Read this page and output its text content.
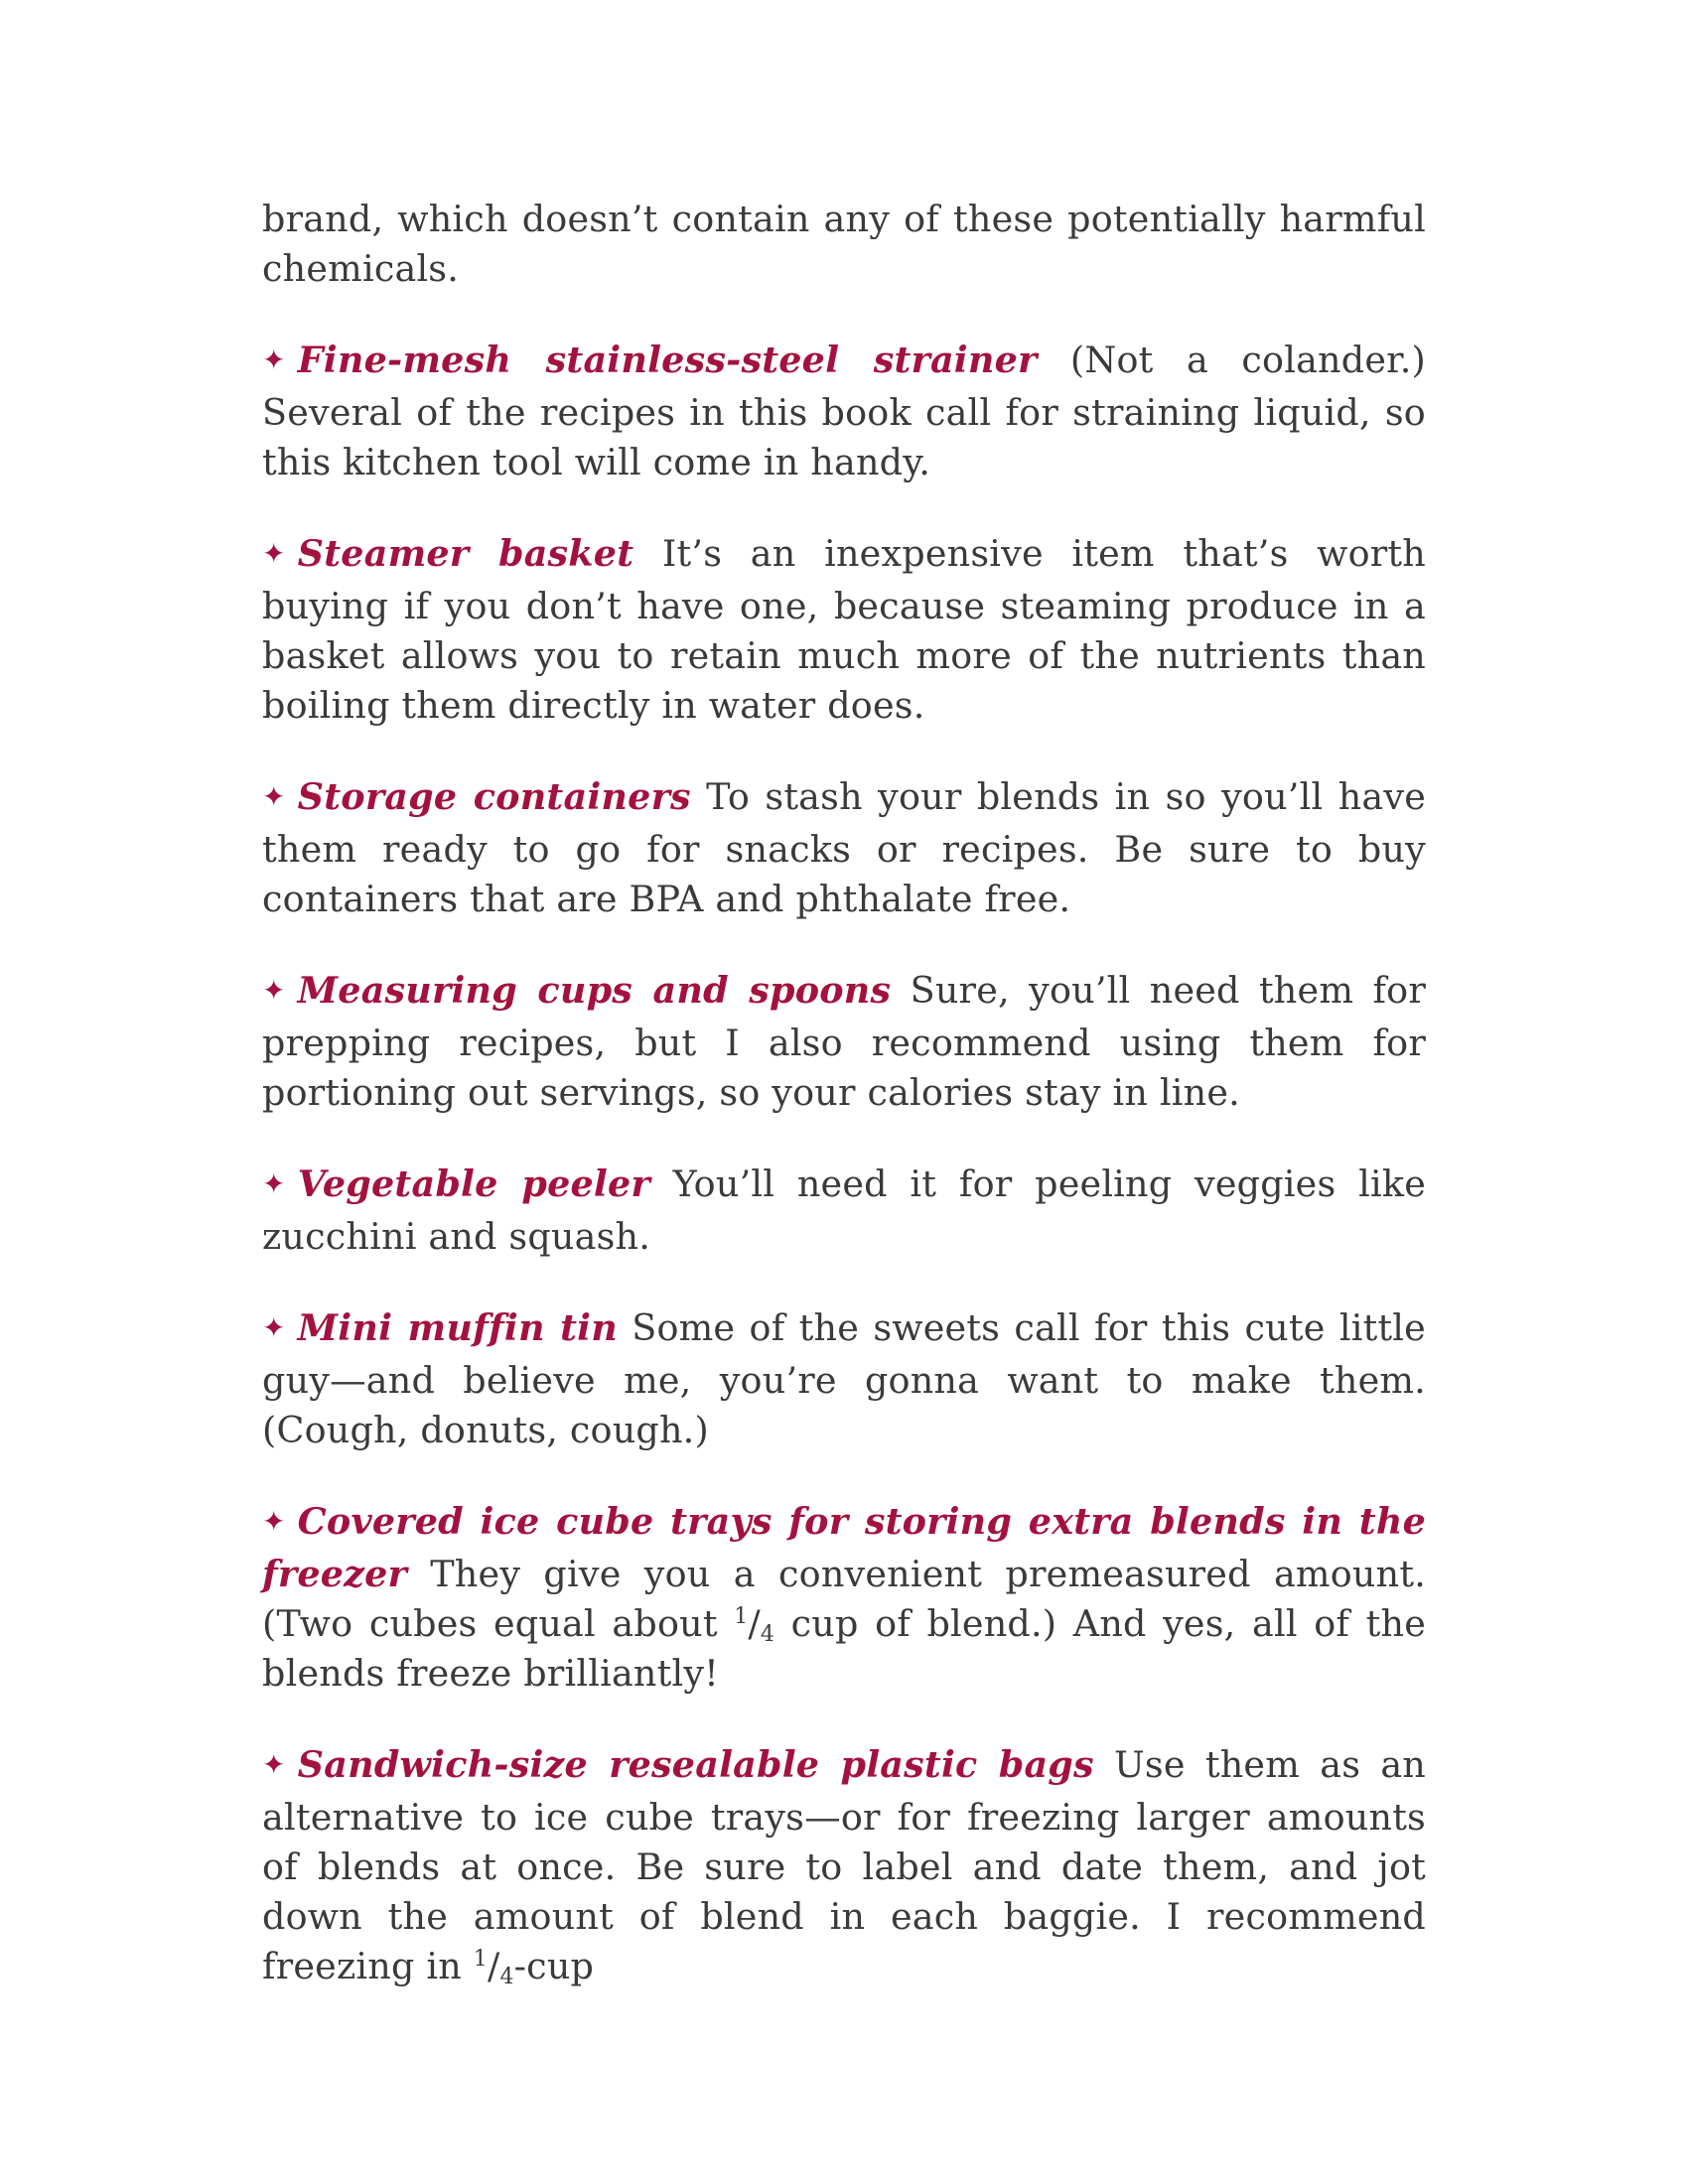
brand, which doesn’t contain any of these potentially harmful chemicals.

✦ Fine-mesh stainless-steel strainer (Not a colander.) Several of the recipes in this book call for straining liquid, so this kitchen tool will come in handy.

✦ Steamer basket It’s an inexpensive item that’s worth buying if you don’t have one, because steaming produce in a basket allows you to retain much more of the nutrients than boiling them directly in water does.

✦ Storage containers To stash your blends in so you’ll have them ready to go for snacks or recipes. Be sure to buy containers that are BPA and phthalate free.

✦ Measuring cups and spoons Sure, you’ll need them for prepping recipes, but I also recommend using them for portioning out servings, so your calories stay in line.

✦ Vegetable peeler You’ll need it for peeling veggies like zucchini and squash.

✦ Mini muffin tin Some of the sweets call for this cute little guy—and believe me, you’re gonna want to make them. (Cough, donuts, cough.)

✦ Covered ice cube trays for storing extra blends in the freezer They give you a convenient premeasured amount. (Two cubes equal about $^1/_4$ cup of blend.) And yes, all of the blends freeze brilliantly!

✦ Sandwich-size resealable plastic bags Use them as an alternative to ice cube trays—or for freezing larger amounts of blends at once. Be sure to label and date them, and jot down the amount of blend in each baggie. I recommend freezing in $^1/_4$-cup
